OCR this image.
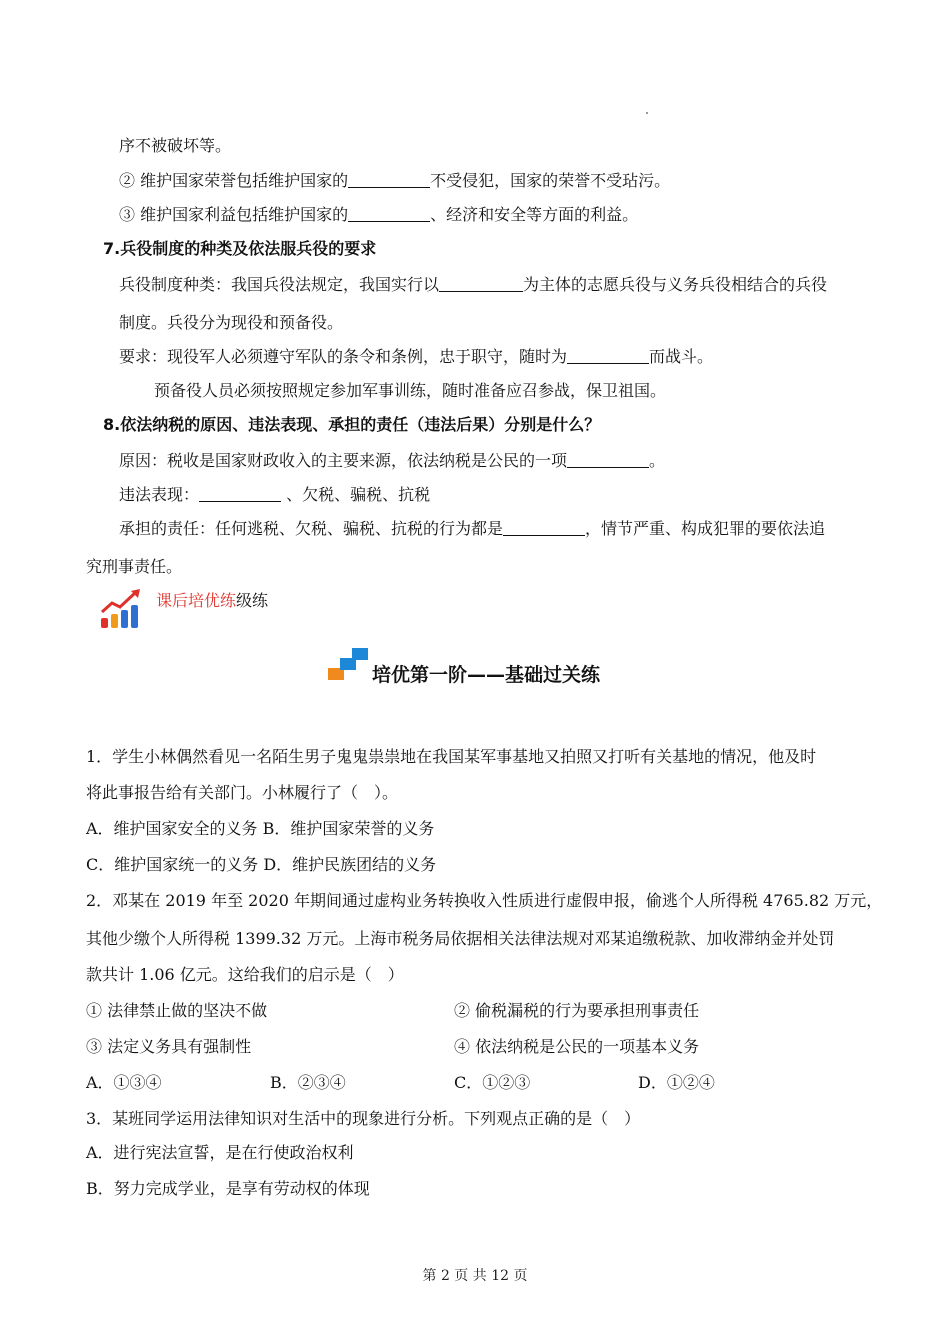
序不被破坏等。
② 维护国家荣誉包括维护国家的	不受侵犯，国家的荣誉不受玷污。
③ 维护国家利益包括维护国家的	、经济和安全等方面的利益。
7.兵役制度的种类及依法服兵役的要求
兵役制度种类：我国兵役法规定，我国实行以	为主体的志愿兵役与义务兵役相结合的兵役
制度。兵役分为现役和预备役。
要求：现役军人必须遵守军队的条令和条例，忠于职守，随时为	而战斗。
预备役人员必须按照规定参加军事训练，随时准备应召参战，保卫祖国。
8.依法纳税的原因、违法表现、承担的责任（违法后果）分别是什么？
原因：税收是国家财政收入的主要来源，依法纳税是公民的一项	。
违法表现：	、欠税、骗税、抗税
承担的责任：任何逃税、欠税、骗税、抗税的行为都是	，情节严重、构成犯罪的要依法追
究刑事责任。
课后培优练级练
培优第一阶——基础过关练
1．学生小林偶然看见一名陌生男子鬼鬼祟祟地在我国某军事基地又拍照又打听有关基地的情况，他及时
将此事报告给有关部门。小林履行了（　）。
A．维护国家安全的义务 B．维护国家荣誉的义务
C．维护国家统一的义务 D．维护民族团结的义务
2．邓某在 2019 年至 2020 年期间通过虚构业务转换收入性质进行虚假申报，偷逃个人所得税 4765.82 万元，
其他少缴个人所得税 1399.32 万元。上海市税务局依据相关法律法规对邓某追缴税款、加收滞纳金并处罚
款共计 1.06 亿元。这给我们的启示是（　）
① 法律禁止做的坚决不做	② 偷税漏税的行为要承担刑事责任
③ 法定义务具有强制性	④ 依法纳税是公民的一项基本义务
A．①③④	B．②③④	C．①②③	D．①②④
3．某班同学运用法律知识对生活中的现象进行分析。下列观点正确的是（　）
A．进行宪法宣誓，是在行使政治权利
B．努力完成学业，是享有劳动权的体现
第 2 页 共 12 页
